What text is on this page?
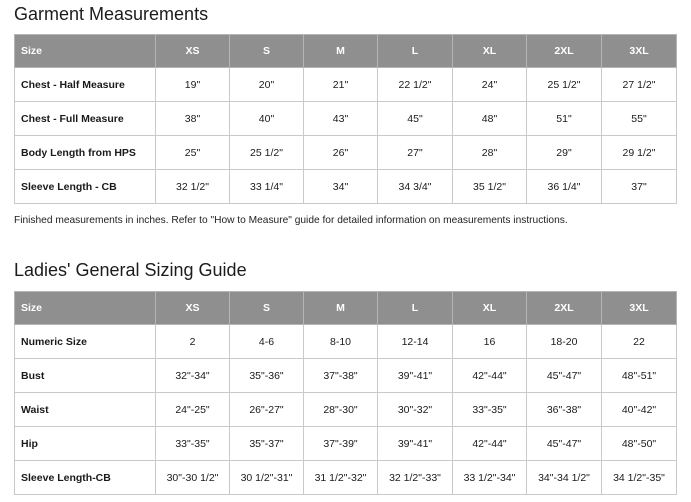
Garment Measurements
Size	XS	S	M	L	XL	2XL	3XL
Chest - Half Measure	19"	20"	21"	22 1/2"	24"	25 1/2"	27 1/2"
Chest - Full Measure	38"	40"	43"	45"	48"	51"	55"
Body Length from HPS	25"	25 1/2"	26"	27"	28"	29"	29 1/2"
Sleeve Length - CB	32 1/2"	33 1/4"	34"	34 3/4"	35 1/2"	36 1/4"	37"
Finished measurements in inches. Refer to "How to Measure" guide for detailed information on measurements instructions.
Ladies' General Sizing Guide
Size	XS	S	M	L	XL	2XL	3XL
Numeric Size	2	4-6	8-10	12-14	16	18-20	22
Bust	32"-34"	35"-36"	37"-38"	39"-41"	42"-44"	45"-47"	48"-51"
Waist	24"-25"	26"-27"	28"-30"	30"-32"	33"-35"	36"-38"	40"-42"
Hip	33"-35"	35"-37"	37"-39"	39"-41"	42"-44"	45"-47"	48"-50"
Sleeve Length-CB	30"-30 1/2"	30 1/2"-31"	31 1/2"-32"	32 1/2"-33"	33 1/2"-34"	34"-34 1/2"	34 1/2"-35"
